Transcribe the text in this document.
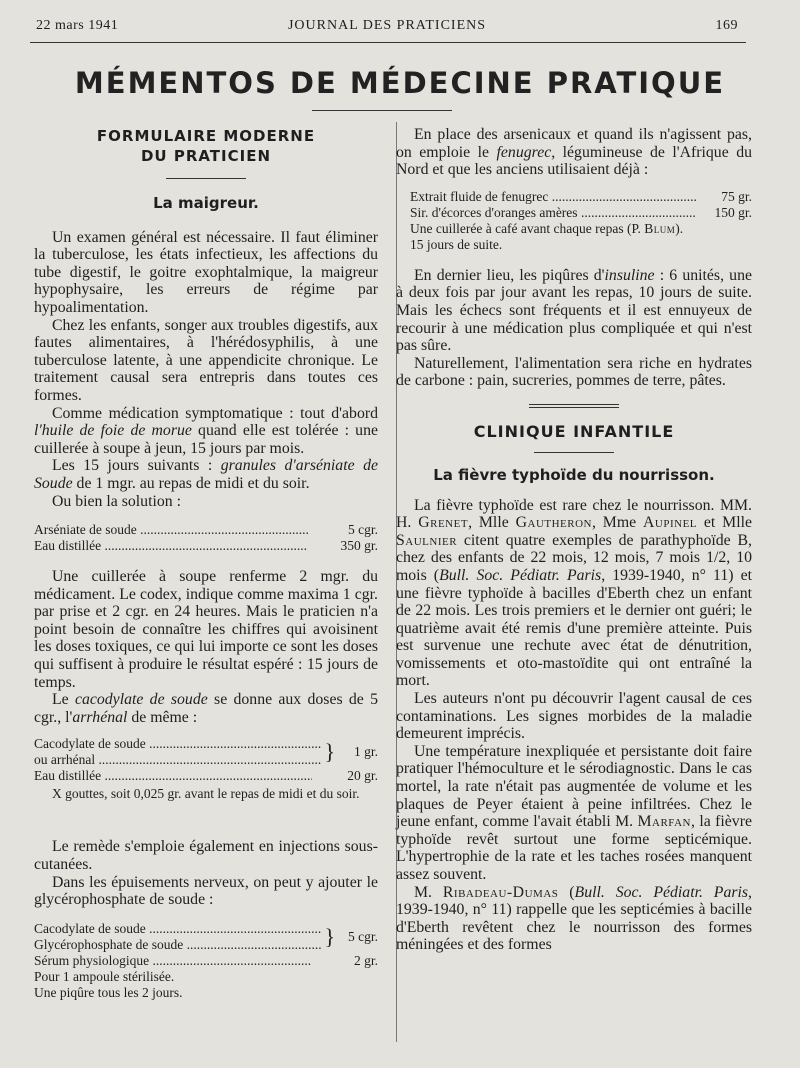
22 mars 1941	JOURNAL DES PRATICIENS	169
MÉMENTOS DE MÉDECINE PRATIQUE
FORMULAIRE MODERNE
DU PRATICIEN
La maigreur.

Un examen général est nécessaire. Il faut éliminer la tuberculose, les états infectieux, les affections du tube digestif, le goitre exophtalmique, la maigreur hypophysaire, les erreurs de régime par hypoalimentation.

Chez les enfants, songer aux troubles digestifs, aux fautes alimentaires, à l'hérédosyphilis, à une tuberculose latente, à une appendicite chronique. Le traitement causal sera entrepris dans toutes ces formes.

Comme médication symptomatique : tout d'abord l'huile de foie de morue quand elle est tolérée : une cuillerée à soupe à jeun, 15 jours par mois.

Les 15 jours suivants : granules d'arséniate de Soude de 1 mgr. au repas de midi et du soir.

Ou bien la solution :

Arséniate de soude .....	5 cgr.
Eau distillée .....	350 gr.

Une cuillerée à soupe renferme 2 mgr. du médicament. Le codex, indique comme maxima 1 cgr. par prise et 2 cgr. en 24 heures. Mais le praticien n'a point besoin de connaître les chiffres qui avoisinent les doses toxiques, ce qui lui importe ce sont les doses qui suffisent à produire le résultat espéré : 15 jours de temps.

Le cacodylate de soude se donne aux doses de 5 cgr., l'arrhénal de même :

Cacodylate de soude .....
ou arrhénal .....	}	1 gr.
Eau distillée .....	20 gr.

X gouttes, soit 0,025 gr. avant le repas de midi et du soir.

Le remède s'emploie également en injections sous-cutanées.

Dans les épuisements nerveux, on peut y ajouter le glycérophosphate de soude :

Cacodylate de soude .....
Glycérophosphate de soude .....	} 5 cgr.
Sérum physiologique .....	2 gr.
Pour 1 ampoule stérilisée.
Une piqûre tous les 2 jours.

En place des arsenicaux et quand ils n'agissent pas, on emploie le fenugrec, légumineuse de l'Afrique du Nord et que les anciens utilisaient déjà :

Extrait fluide de fenugrec .....	75 gr.
Sir. d'écorces d'oranges amères .....	150 gr.
Une cuillerée à café avant chaque repas (P. Blum).
15 jours de suite.

En dernier lieu, les piqûres d'insuline : 6 unités, une à deux fois par jour avant les repas, 10 jours de suite. Mais les échecs sont fréquents et il est ennuyeux de recourir à une médication plus compliquée et qui n'est pas sûre.

Naturellement, l'alimentation sera riche en hydrates de carbone : pain, sucreries, pommes de terre, pâtes.

CLINIQUE INFANTILE
La fièvre typhoïde du nourrisson.

La fièvre typhoïde est rare chez le nourrisson. MM. H. Grenet, Mlle Gautheron, Mme Aupinel et Mlle Saulnier citent quatre exemples de parathyphoïde B, chez des enfants de 22 mois, 12 mois, 7 mois 1/2, 10 mois (Bull. Soc. Pédiatr. Paris, 1939-1940, n° 11) et une fièvre typhoïde à bacilles d'Eberth chez un enfant de 22 mois. Les trois premiers et le dernier ont guéri; le quatrième avait été remis d'une première atteinte. Puis est survenue une rechute avec état de dénutrition, vomissements et oto-mastoïdite qui ont entraîné la mort.

Les auteurs n'ont pu découvrir l'agent causal de ces contaminations. Les signes morbides de la maladie demeurent imprécis.

Une température inexpliquée et persistante doit faire pratiquer l'hémoculture et le sérodiagnostic. Dans le cas mortel, la rate n'était pas augmentée de volume et les plaques de Peyer étaient à peine infiltrées. Chez le jeune enfant, comme l'avait établi M. Marfan, la fièvre typhoïde revêt surtout une forme septicémique. L'hypertrophie de la rate et les taches rosées manquent assez souvent.

M. Ribadeau-Dumas (Bull. Soc. Pédiatr. Paris, 1939-1940, n° 11) rappelle que les septicémies à bacille d'Eberth revêtent chez le nourrisson des formes méningées et des formes
